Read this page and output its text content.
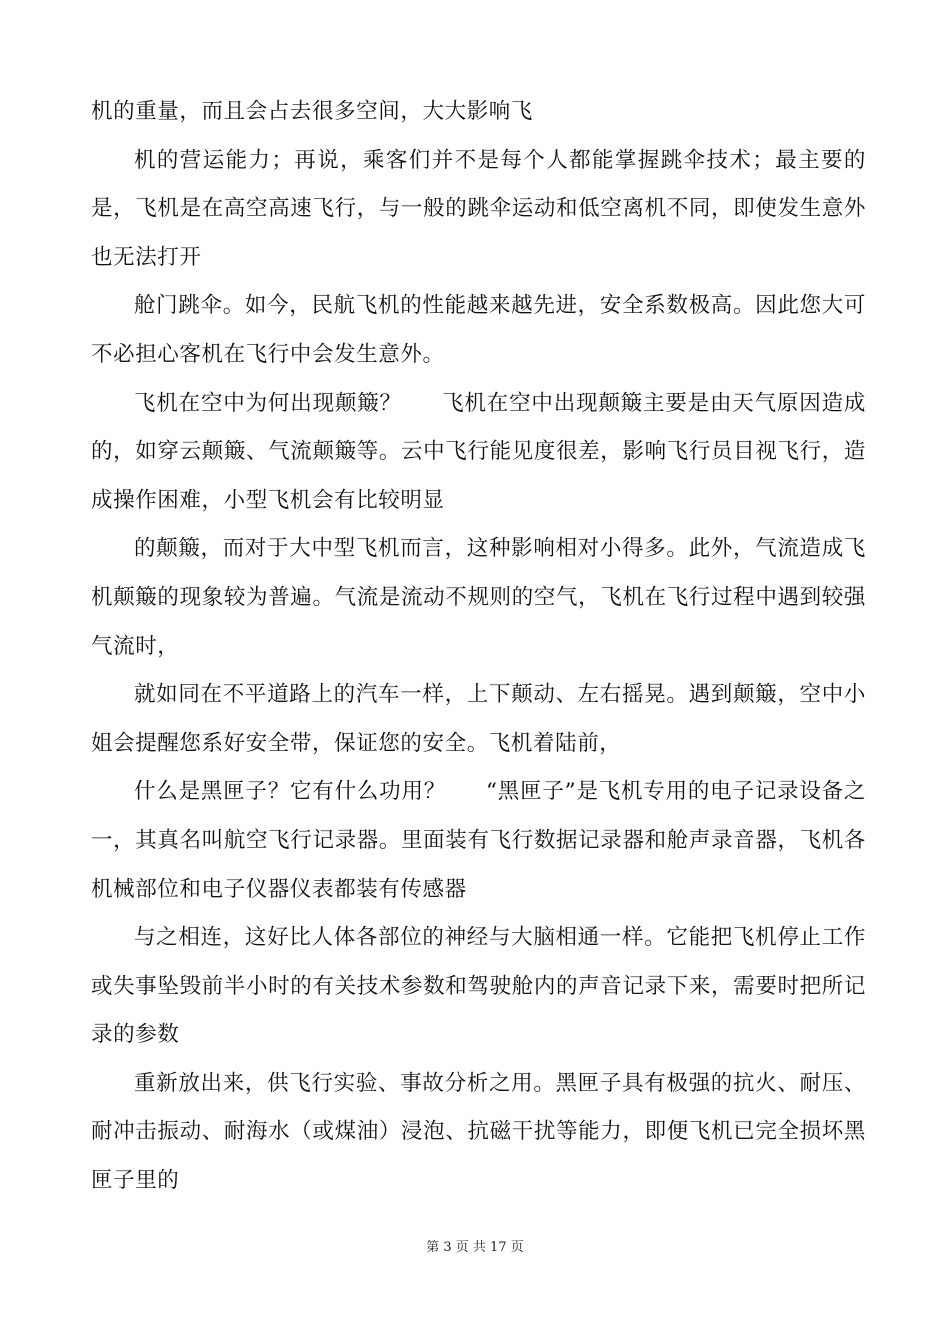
机的重量，而且会占去很多空间，大大影响飞

机的营运能力；再说，乘客们并不是每个人都能掌握跳伞技术；最主要的是，飞机是在高空高速飞行，与一般的跳伞运动和低空离机不同，即使发生意外也无法打开

舱门跳伞。如今，民航飞机的性能越来越先进，安全系数极高。因此您大可不必担心客机在飞行中会发生意外。

飞机在空中为何出现颠簸？ 飞机在空中出现颠簸主要是由天气原因造成的，如穿云颠簸、气流颠簸等。云中飞行能见度很差，影响飞行员目视飞行，造成操作困难，小型飞机会有比较明显

的颠簸，而对于大中型飞机而言，这种影响相对小得多。此外，气流造成飞机颠簸的现象较为普遍。气流是流动不规则的空气，飞机在飞行过程中遇到较强气流时，

就如同在不平道路上的汽车一样，上下颠动、左右摇晃。遇到颠簸，空中小姐会提醒您系好安全带，保证您的安全。飞机着陆前，

什么是黑匣子？它有什么功用？ “黑匣子”是飞机专用的电子记录设备之一，其真名叫航空飞行记录器。里面装有飞行数据记录器和舱声录音器，飞机各机械部位和电子仪器仪表都装有传感器

与之相连，这好比人体各部位的神经与大脑相通一样。它能把飞机停止工作或失事坠毁前半小时的有关技术参数和驾驶舱内的声音记录下来，需要时把所记录的参数

重新放出来，供飞行实验、事故分析之用。黑匣子具有极强的抗火、耐压、耐冲击振动、耐海水（或煤油）浸泡、抗磁干扰等能力，即便飞机已完全损坏黑匣子里的

第 3 页 共 17 页
